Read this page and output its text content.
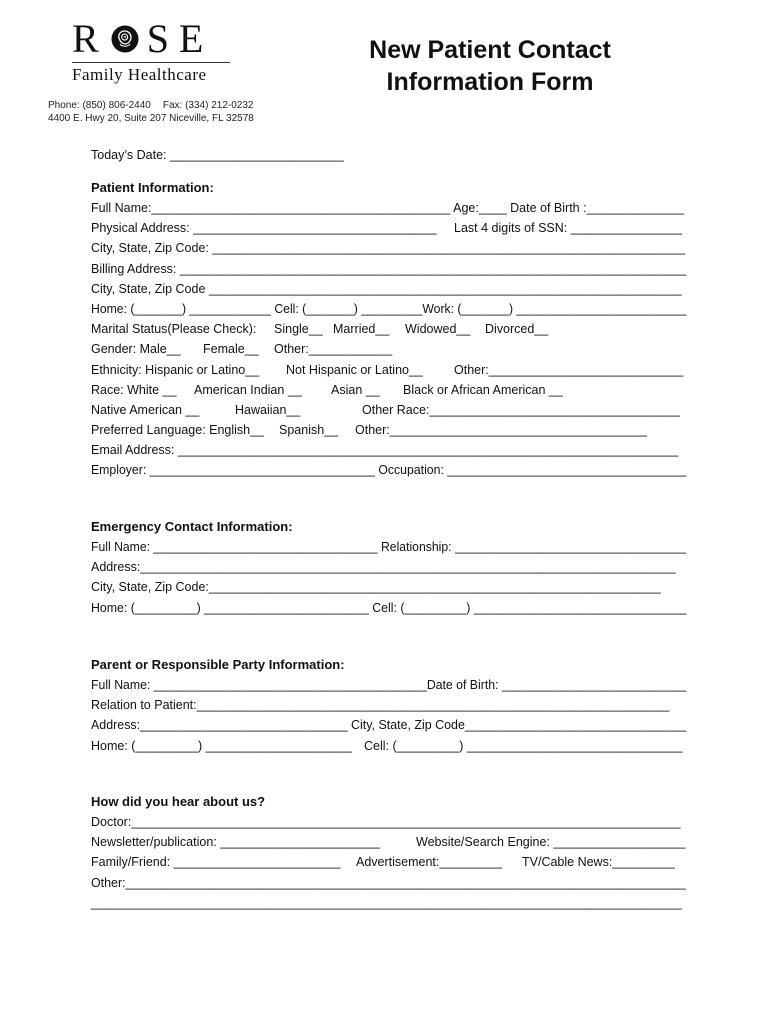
R SE
Family Healthcare
Phone: (850) 806-2440 Fax: (334) 212-0232
4400 E. Hwy 20, Suite 207 Niceville, FL 32578
New Patient Contact
Information Form
Today’s Date: _________________________
Patient Information:
Full Name:___________________________________________ Age:____ Date of Birth :______________
Physical Address: ___________________________________ Last 4 digits of SSN: ________________
City, State, Zip Code: ____________________________________________________________________
Billing Address: _________________________________________________________________________
City, State, Zip Code ____________________________________________________________________
Home: (_______) ____________ Cell: (_______) _________Work: (_______) _________________________
Marital Status(Please Check): Single__ Married__ Widowed__ Divorced__
Gender: Male__ Female__ Other:____________
Ethnicity: Hispanic or Latino__ Not Hispanic or Latino__ Other:____________________________
Race: White __ American Indian __ Asian __ Black or African American __
Native American __	Hawaiian__	Other Race:____________________________________
Preferred Language: English__ Spanish__ Other:_____________________________________
Email Address: ________________________________________________________________________
Employer: _________________________________ Occupation: ___________________________________
Emergency Contact Information:
Full Name: _________________________________ Relationship: __________________________________
Address:_____________________________________________________________________________
City, State, Zip Code:_________________________________________________________________
Home: (_________) ________________________ Cell: (_________) _______________________________
Parent or Responsible Party Information:
Full Name: ________________________________________Date of Birth: ___________________________
Relation to Patient:____________________________________________________________________
Address:______________________________ City, State, Zip Code________________________________
Home: (_________) _____________________ Cell: (_________) _______________________________
How did you hear about us?
Doctor:_______________________________________________________________________________
Newsletter/publication: _______________________	Website/Search Engine: ___________________
Family/Friend: ________________________ Advertisement:_________ TV/Cable News:_________
Other:_________________________________________________________________________________
_____________________________________________________________________________________
